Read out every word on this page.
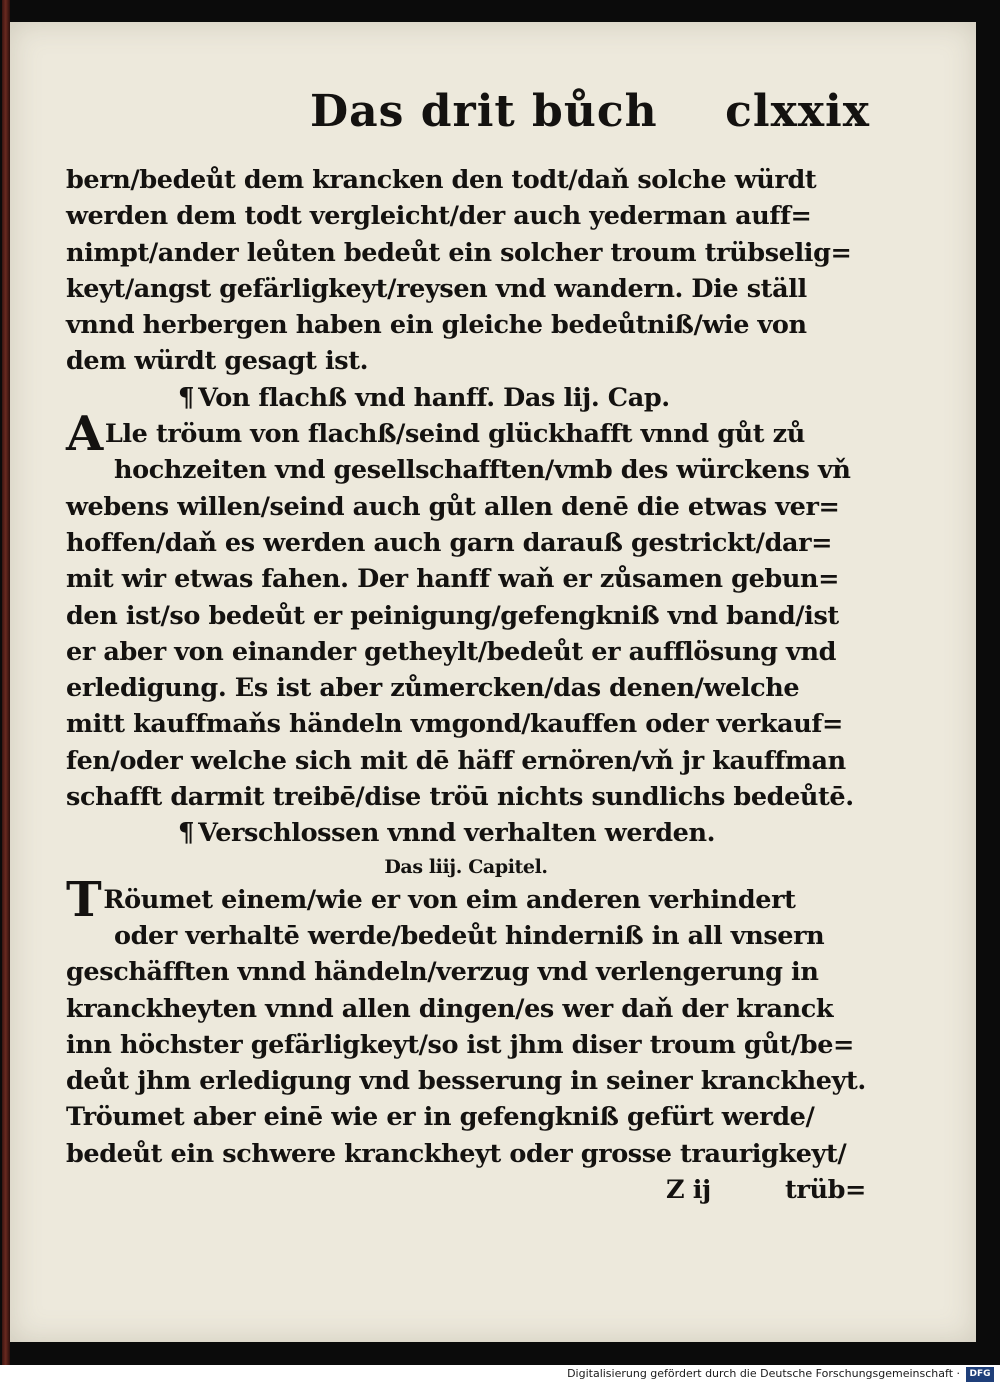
Das drit bůch clxxix
bern/bedeůt dem krancken den todt/daň solche würdt
werden dem todt vergleicht/der auch yederman auff=
nimpt/ander leůten bedeůt ein solcher troum trübselig=
keyt/angst gefärligkeyt/reysen vnd wandern. Die ställ
vnnd herbergen haben ein gleiche bedeůtniß/wie von
dem würdt gesagt ist.
¶ Von flachß vnd hanff. Das lij. Cap.
ALle tröum von flachß/seind glückhafft vnnd gůt zů
hochzeiten vnd gesellschafften/vmb des würckens vň
webens willen/seind auch gůt allen denē die etwas ver=
hoffen/daň es werden auch garn darauß gestrickt/dar=
mit wir etwas fahen. Der hanff waň er zůsamen gebun=
den ist/so bedeůt er peinigung/gefengkniß vnd band/ist
er aber von einander getheylt/bedeůt er aufflösung vnd
erledigung. Es ist aber zůmercken/das denen/welche
mitt kauffmaňs händeln vmgond/kauffen oder verkauf=
fen/oder welche sich mit dē häff ernören/vň jr kauffman
schafft darmit treibē/dise tröū nichts sundlichs bedeůtē.
¶ Verschlossen vnnd verhalten werden.
Das liij. Capitel.
TRöumet einem/wie er von eim anderen verhindert
oder verhaltē werde/bedeůt hinderniß in all vnsern
geschäfften vnnd händeln/verzug vnd verlengerung in
kranckheyten vnnd allen dingen/es wer daň der kranck
inn höchster gefärligkeyt/so ist jhm diser troum gůt/be=
deůt jhm erledigung vnd besserung in seiner kranckheyt.
Tröumet aber einē wie er in gefengkniß gefürt werde/
bedeůt ein schwere kranckheyt oder grosse traurigkeyt/
Z ij	trüb=
Digitalisierung gefördert durch die Deutsche Forschungsgemeinschaft ·	DFG
